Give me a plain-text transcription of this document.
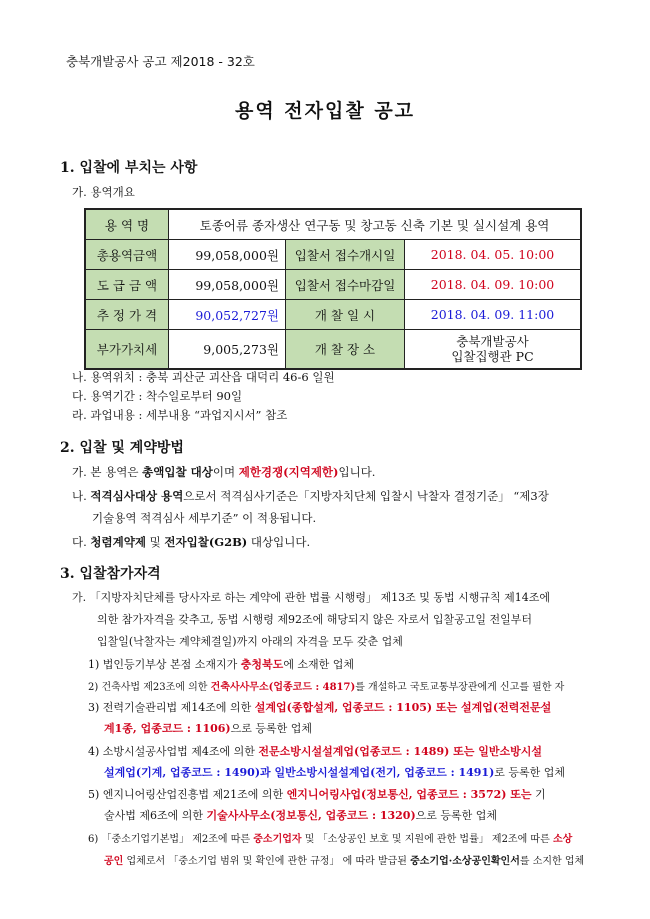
충북개발공사 공고 제2018 - 32호
용역 전자입찰 공고
1. 입찰에 부치는 사항
가. 용역개요
용 역 명	토종어류 종자생산 연구동 및 창고동 신축 기본 및 실시설계 용역		
총용역금액	99,058,000원	입찰서 접수개시일	2018. 04. 05. 10:00
도 급 금 액	99,058,000원	입찰서 접수마감일	2018. 04. 09. 10:00
추 정 가 격	90,052,727원	개 찰 일 시	2018. 04. 09. 11:00
부가가치세	9,005,273원	개 찰 장 소	충북개발공사
입찰집행관 PC
나. 용역위치 : 충북 괴산군 괴산읍 대덕리 46-6 일원
다. 용역기간 : 착수일로부터 90일
라. 과업내용 : 세부내용 “과업지시서” 참조
2. 입찰 및 계약방법
가. 본 용역은 총액입찰 대상이며 제한경쟁(지역제한)입니다.
나. 적격심사대상 용역으로서 적격심사기준은「지방자치단체 입찰시 낙찰자 결정기준」 “제3장
기술용역 적격심사 세부기준” 이 적용됩니다.
다. 청렴계약제 및 전자입찰(G2B) 대상입니다.
3. 입찰참가자격
가. 「지방자치단체를 당사자로 하는 계약에 관한 법률 시행령」 제13조 및 동법 시행규칙 제14조에
의한 참가자격을 갖추고, 동법 시행령 제92조에 해당되지 않은 자로서 입찰공고일 전일부터
입찰일(낙찰자는 계약체결일)까지 아래의 자격을 모두 갖춘 업체
1) 법인등기부상 본점 소재지가 충청북도에 소재한 업체
2) 건축사법 제23조에 의한 건축사사무소(업종코드 : 4817)를 개설하고 국토교통부장관에게 신고를 필한 자
3) 전력기술관리법 제14조에 의한 설계업(종합설계, 업종코드 : 1105) 또는 설계업(전력전문설
계1종, 업종코드 : 1106)으로 등록한 업체
4) 소방시설공사업법 제4조에 의한 전문소방시설설계업(업종코드 : 1489) 또는 일반소방시설
설계업(기계, 업종코드 : 1490)과 일반소방시설설계업(전기, 업종코드 : 1491)로 등록한 업체
5) 엔지니어링산업진흥법 제21조에 의한 엔지니어링사업(정보통신, 업종코드 : 3572) 또는 기
술사법 제6조에 의한 기술사사무소(정보통신, 업종코드 : 1320)으로 등록한 업체
6) 「중소기업기본법」 제2조에 따른 중소기업자 및 「소상공인 보호 및 지원에 관한 법률」 제2조에 따른 소상
공인 업체로서 「중소기업 범위 및 확인에 관한 규정」 에 따라 발급된 중소기업·소상공인확인서를 소지한 업체
